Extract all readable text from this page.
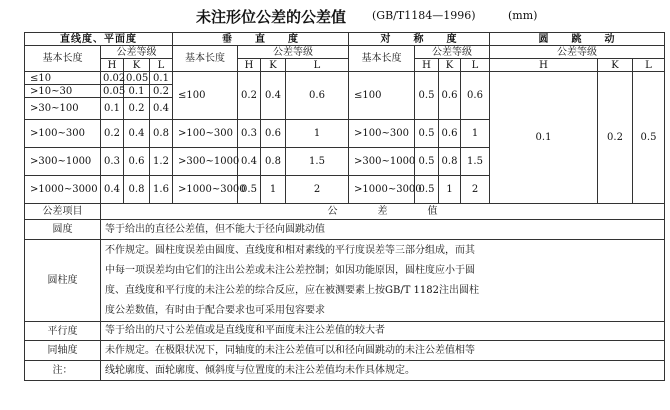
未注形位公差的公差值 (GB/T1184—1996)	(mm)
直线度、平面度				垂　　直　　度				对　　称　　度				圆　　跳　　动		
基本长度	公差等级			基本长度	公差等级			基本长度	公差等级			公差等级		
	H	K	L		H	K	L		H	K	L	H	K	L
≤10	0.02	0.05	0.1	≤100	0.2	0.4	0.6	≤100	0.5	0.6	0.6	0.1	0.2	0.5
>10~30	0.05	0.1	0.2											
>30~100	0.1	0.2	0.4											
>100~300	0.2	0.4	0.8	>100~300	0.3	0.6	1	>100~300	0.5	0.6	1			
>300~1000	0.3	0.6	1.2	>300~1000	0.4	0.8	1.5	>300~1000	0.5	0.8	1.5			
>1000~3000	0.4	0.8	1.6	>1000~3000	0.5	1	2	>1000~3000	0.5	1	2			
公差项目	公　　　　差　　　　值													
圆度	等于给出的直径公差值，但不能大于径向圆跳动值													
圆柱度	不作规定。圆柱度误差由圆度、直线度和相对素线的平行度误差等三部分组成，而其
中每一项误差均由它们的注出公差或未注公差控制；如因功能原因，圆柱度应小于圆
度、直线度和平行度的未注公差的综合反应，应在被测要素上按GB/T 1182注出圆柱
度公差数值，有时由于配合要求也可采用包容要求													

平行度	等于给出的尺寸公差值或是直线度和平面度未注公差值的较大者													
同轴度	未作规定。在极限状况下，同轴度的未注公差值可以和径向圆跳动的未注公差值相等													
注：	线轮廓度、面轮廓度、倾斜度与位置度的未注公差值均未作具体规定。													
